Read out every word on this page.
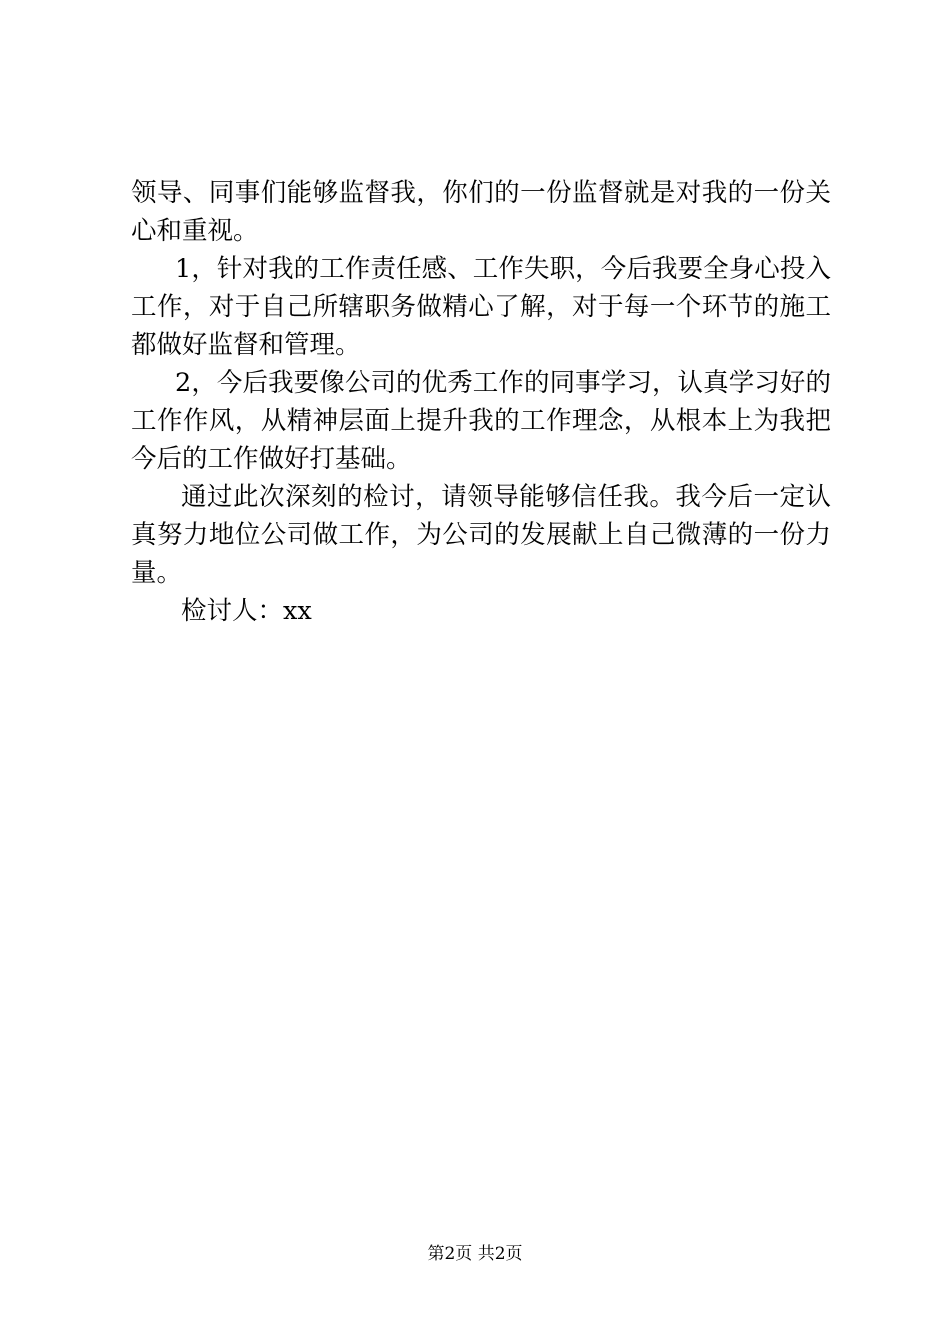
领导、同事们能够监督我，你们的一份监督就是对我的一份关
心和重视。
1，针对我的工作责任感、工作失职，今后我要全身心投入
工作，对于自己所辖职务做精心了解，对于每一个环节的施工
都做好监督和管理。
2，今后我要像公司的优秀工作的同事学习，认真学习好的
工作作风，从精神层面上提升我的工作理念，从根本上为我把
今后的工作做好打基础。
通过此次深刻的检讨，请领导能够信任我。我今后一定认
真努力地位公司做工作，为公司的发展献上自己微薄的一份力
量。
检讨人：xx
第2页 共2页
